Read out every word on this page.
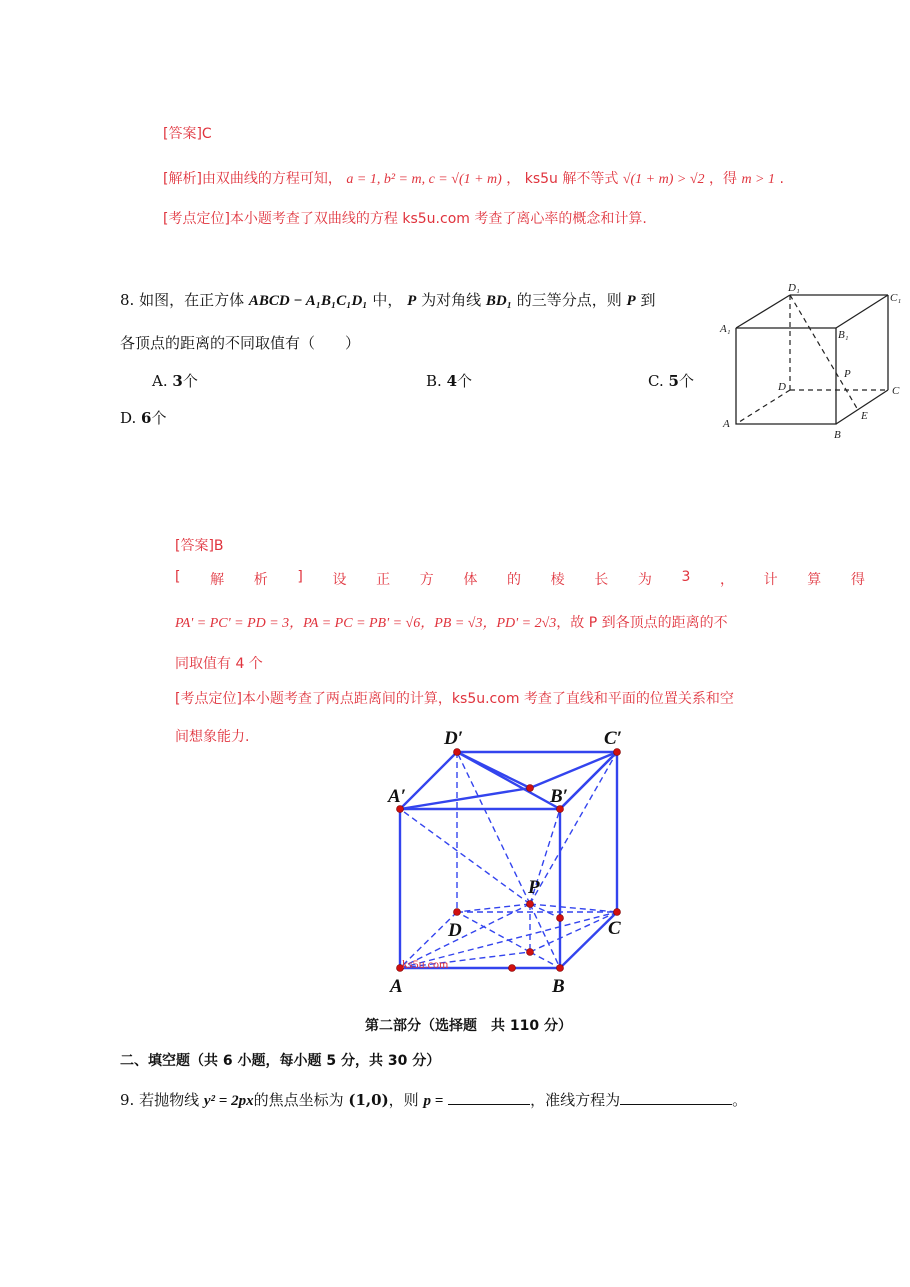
[答案]C
[解析]由双曲线的方程可知， a = 1, b² = m, c = √(1 + m) ， ks5u 解不等式 √(1 + m) > √2 ，得 m > 1 .
[考点定位]本小题考查了双曲线的方程 ks5u.com 考查了离心率的概念和计算.
8. 如图，在正方体 ABCD − A₁B₁C₁D₁ 中， P 为对角线 BD₁ 的三等分点，则 P 到
各顶点的距离的不同取值有（　　）
A. 3个	B. 4个	C. 5个
D. 6个
D₁
C₁
A₁	B₁
P
D	C
E
A
B
[答案]B
[ 解 析 ] 设 正 方 体 的 棱 长 为 3 ， 计 算 得
PA' = PC' = PD = 3，PA = PC = PB' = √6，PB = √3，PD' = 2√3，故 P 到各顶点的距离的不
同取值有 4 个
[考点定位]本小题考查了两点距离间的计算，ks5u.com 考查了直线和平面的位置关系和空
间想象能力.	D′	C′
A′	B′
P
D	C
A	B
ks5u.com
第二部分（选择题　共 110 分）
二、填空题（共 6 小题，每小题 5 分，共 30 分）
9. 若抛物线 y² = 2px的焦点坐标为 (1,0)，则 p =	，准线方程为	。
